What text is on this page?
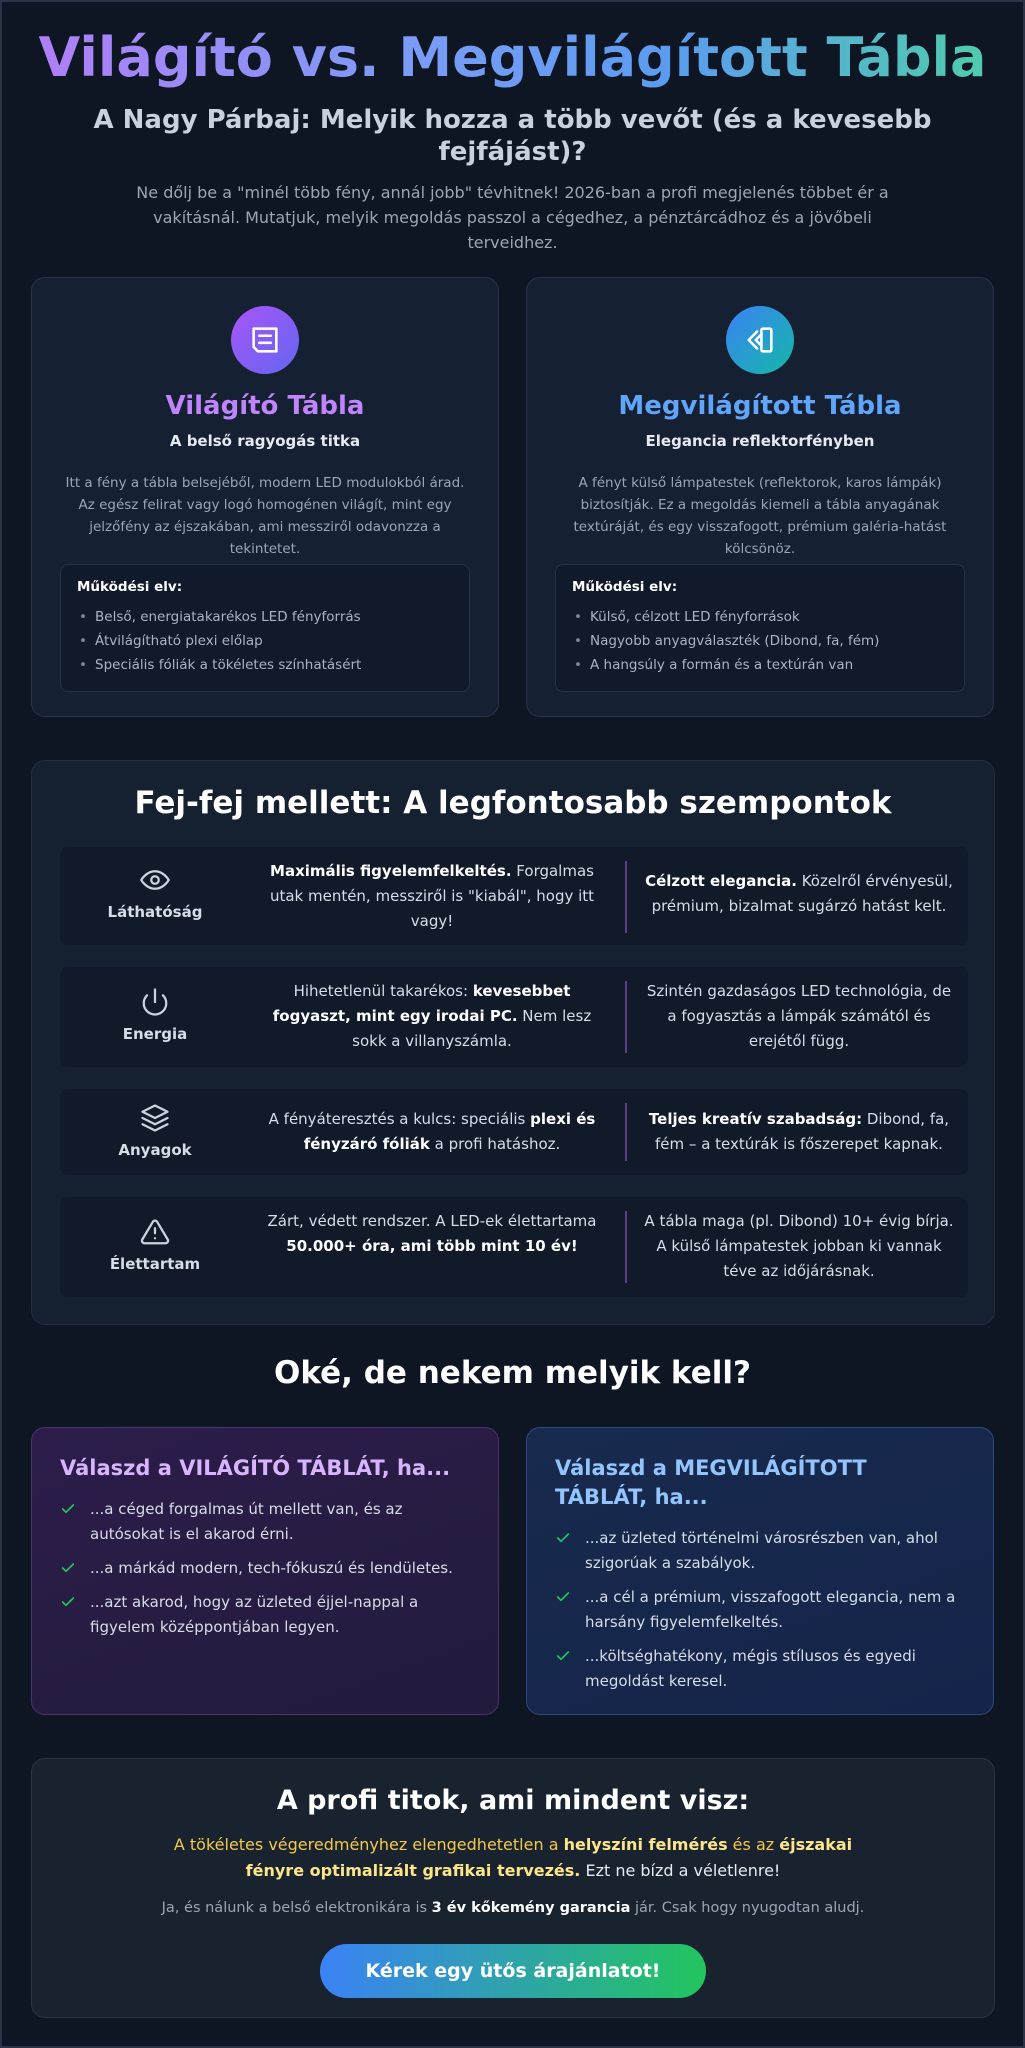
Világító vs. Megvilágított Tábla
A Nagy Párbaj: Melyik hozza a több vevőt (és a kevesebb fejfájást)?

Ne dőlj be a "minél több fény, annál jobb" tévhitnek! 2026-ban a profi megjelenés többet ér a vakításnál. Mutatjuk, melyik megoldás passzol a cégedhez, a pénztárcádhoz és a jövőbeli terveidhez.

Világító Tábla
A belső ragyogás titka
Itt a fény a tábla belsejéből, modern LED modulokból árad. Az egész felirat vagy logó homogénen világít, mint egy jelzőfény az éjszakában, ami messziről odavonzza a tekintetet.
Működési elv:
• Belső, energiatakarékos LED fényforrás
• Átvilágítható plexi előlap
• Speciális fóliák a tökéletes színhatásért
Megvilágított Tábla
Elegancia reflektorfényben
A fényt külső lámpatestek (reflektorok, karos lámpák) biztosítják. Ez a megoldás kiemeli a tábla anyagának textúráját, és egy visszafogott, prémium galéria-hatást kölcsönöz.
Működési elv:
• Külső, célzott LED fényforrások
• Nagyobb anyagválaszték (Dibond, fa, fém)
• A hangsúly a formán és a textúrán van
Fej-fej mellett: A legfontosabb szempontok
Láthatóság
Maximális figyelemfelkeltés. Forgalmas utak mentén, messziről is "kiabál", hogy itt vagy!
Célzott elegancia. Közelről érvényesül, prémium, bizalmat sugárzó hatást kelt.
Energia
Hihetetlenül takarékos: kevesebbet fogyaszt, mint egy irodai PC. Nem lesz sokk a villanyszámla.
Szintén gazdaságos LED technológia, de a fogyasztás a lámpák számától és erejétől függ.
Anyagok
A fényáteresztés a kulcs: speciális plexi és fényzáró fóliák a profi hatáshoz.
Teljes kreatív szabadság: Dibond, fa, fém – a textúrák is főszerepet kapnak.
Élettartam
Zárt, védett rendszer. A LED-ek élettartama 50.000+ óra, ami több mint 10 év!
A tábla maga (pl. Dibond) 10+ évig bírja. A külső lámpatestek jobban ki vannak téve az időjárásnak.
Oké, de nekem melyik kell?
Válaszd a VILÁGÍTÓ TÁBLÁT, ha...
...a céged forgalmas út mellett van, és az autósokat is el akarod érni.
...a márkád modern, tech-fókuszú és lendületes.
...azt akarod, hogy az üzleted éjjel-nappal a figyelem középpontjában legyen.
Válaszd a MEGVILÁGÍTOTT TÁBLÁT, ha...
...az üzleted történelmi városrészben van, ahol szigorúak a szabályok.
...a cél a prémium, visszafogott elegancia, nem a harsány figyelemfelkeltés.
...költséghatékony, mégis stílusos és egyedi megoldást keresel.
A profi titok, ami mindent visz:
A tökéletes végeredményhez elengedhetetlen a helyszíni felmérés és az éjszakai fényre optimalizált grafikai tervezés. Ezt ne bízd a véletlenre!
Ja, és nálunk a belső elektronikára is 3 év kőkemény garancia jár. Csak hogy nyugodtan aludj.
Kérek egy ütős árajánlatot!
